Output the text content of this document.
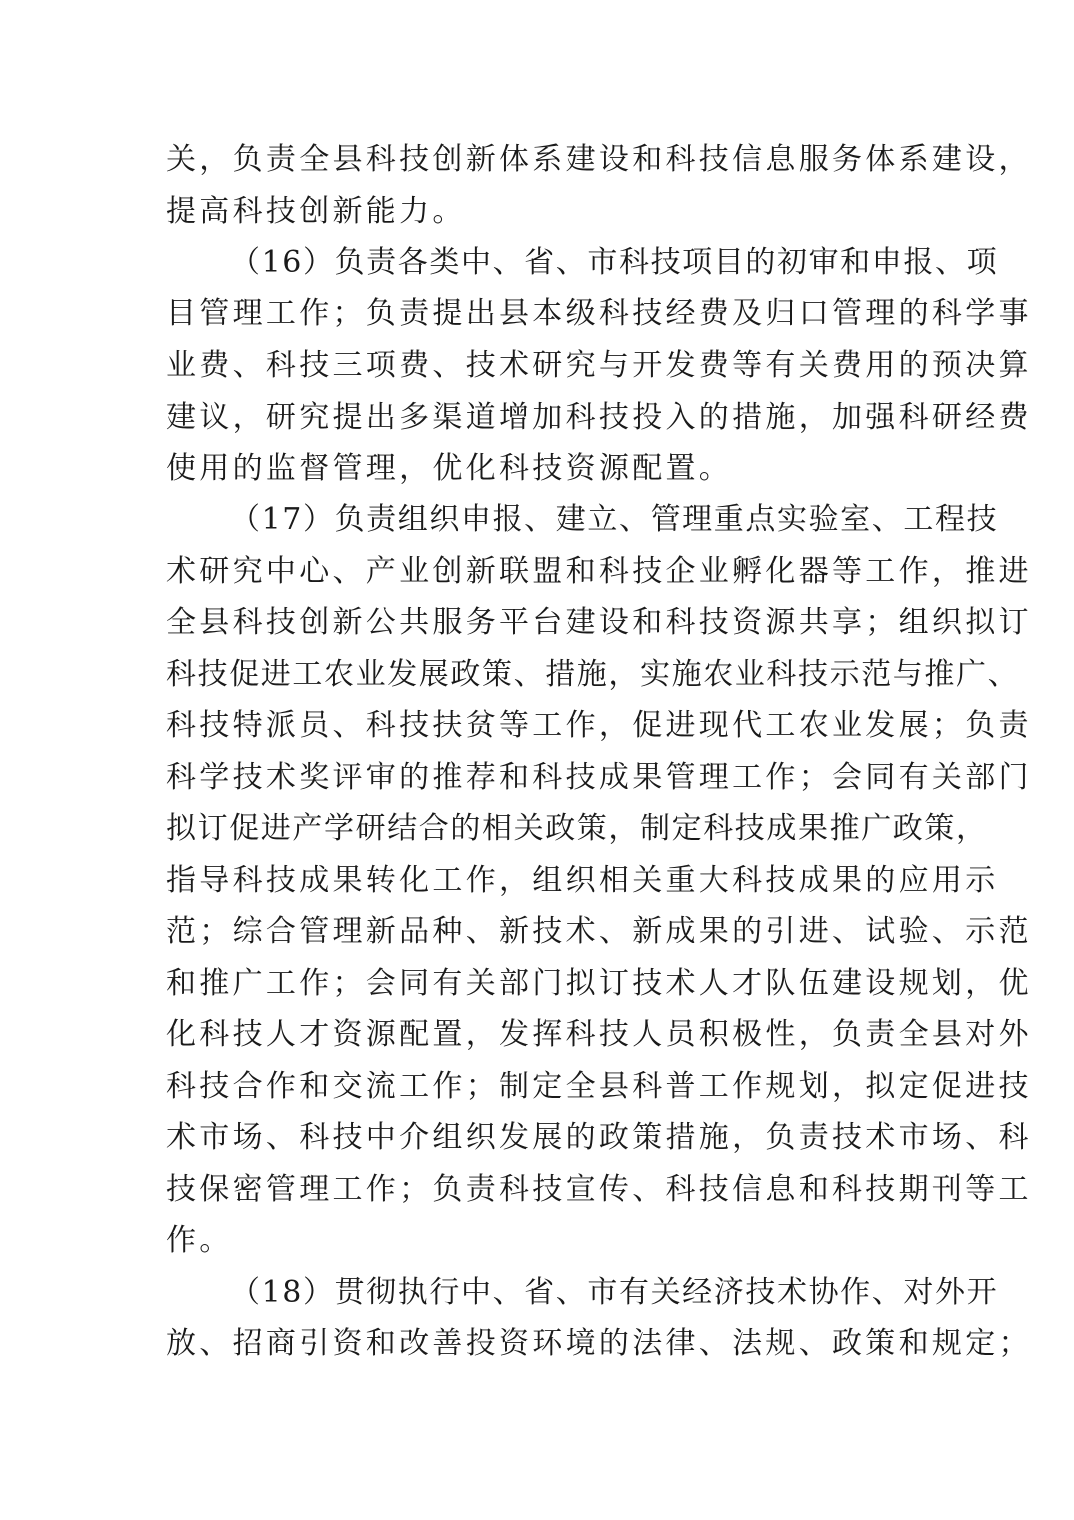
关，负责全县科技创新体系建设和科技信息服务体系建设，
提高科技创新能力。
（16）负责各类中、省、市科技项目的初审和申报、项
目管理工作；负责提出县本级科技经费及归口管理的科学事
业费、科技三项费、技术研究与开发费等有关费用的预决算
建议，研究提出多渠道增加科技投入的措施，加强科研经费
使用的监督管理，优化科技资源配置。
（17）负责组织申报、建立、管理重点实验室、工程技
术研究中心、产业创新联盟和科技企业孵化器等工作，推进
全县科技创新公共服务平台建设和科技资源共享；组织拟订
科技促进工农业发展政策、措施，实施农业科技示范与推广、
科技特派员、科技扶贫等工作，促进现代工农业发展；负责
科学技术奖评审的推荐和科技成果管理工作；会同有关部门
拟订促进产学研结合的相关政策，制定科技成果推广政策，
指导科技成果转化工作，组织相关重大科技成果的应用示
范；综合管理新品种、新技术、新成果的引进、试验、示范
和推广工作；会同有关部门拟订技术人才队伍建设规划，优
化科技人才资源配置，发挥科技人员积极性，负责全县对外
科技合作和交流工作；制定全县科普工作规划，拟定促进技
术市场、科技中介组织发展的政策措施，负责技术市场、科
技保密管理工作；负责科技宣传、科技信息和科技期刊等工
作。
（18）贯彻执行中、省、市有关经济技术协作、对外开
放、招商引资和改善投资环境的法律、法规、政策和规定；
